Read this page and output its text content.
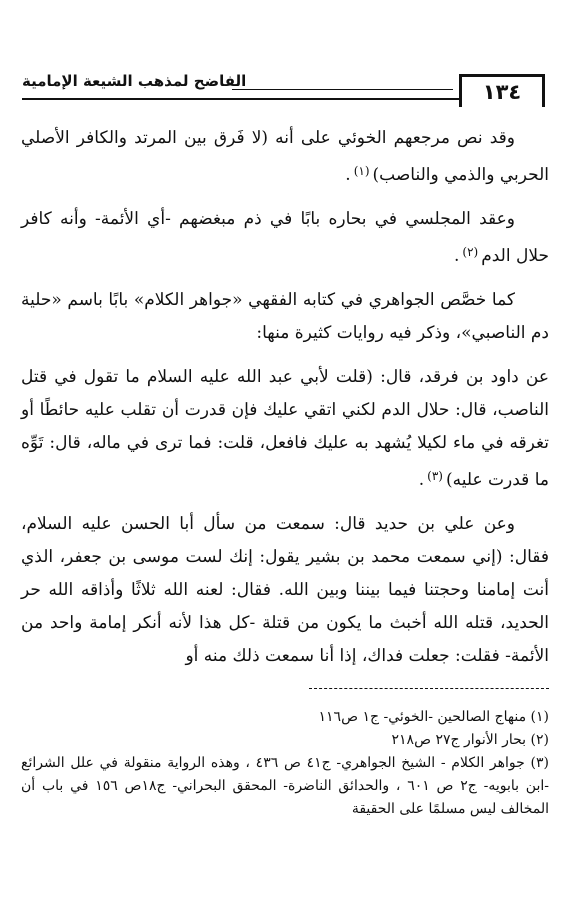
١٣٤
الفاضح لمذهب الشيعة الإمامية

وقد نص مرجعهم الخوئي على أنه (لا فَرق بين المرتد والكافر الأصلي الحربي والذمي والناصب)$^{(١)}$.

وعقد المجلسي في بحاره بابًا في ذم مبغضهم -أي الأئمة- وأنه كافر حلال الدم$^{(٢)}$.

كما خصَّص الجواهري في كتابه الفقهي «جواهر الكلام» بابًا باسم «حلية دم الناصبي»، وذكر فيه روايات كثيرة منها:

عن داود بن فرقد، قال: (قلت لأبي عبد الله عليه السلام ما تقول في قتل الناصب، قال: حلال الدم لكني اتقي عليك فإن قدرت أن تقلب عليه حائطًا أو تغرقه في ماء لكيلا يُشهد به عليك فافعل، قلت: فما ترى في ماله، قال: تَوِّه ما قدرت عليه)$^{(٣)}$.

وعن علي بن حديد قال: سمعت من سأل أبا الحسن عليه السلام، فقال: (إني سمعت محمد بن بشير يقول: إنك لست موسى بن جعفر، الذي أنت إمامنا وحجتنا فيما بيننا وبين الله. فقال: لعنه الله ثلاثًا وأذاقه الله حر الحديد، قتله الله أخبث ما يكون من قتلة -كل هذا لأنه أنكر إمامة واحد من الأئمة- فقلت: جعلت فداك، إذا أنا سمعت ذلك منه أو

(١) منهاج الصالحين -الخوئي- ج١ ص١١٦

(٢) بحار الأنوار ج٢٧ ص٢١٨

(٣) جواهر الكلام - الشيخ الجواهري- ج٤١ ص ٤٣٦ ، وهذه الرواية منقولة في علل الشرائع -ابن بابويه- ج٢ ص ٦٠١ ، والحدائق الناضرة- المحقق البحراني- ج١٨ص ١٥٦ في باب أن المخالف ليس مسلمًا على الحقيقة
